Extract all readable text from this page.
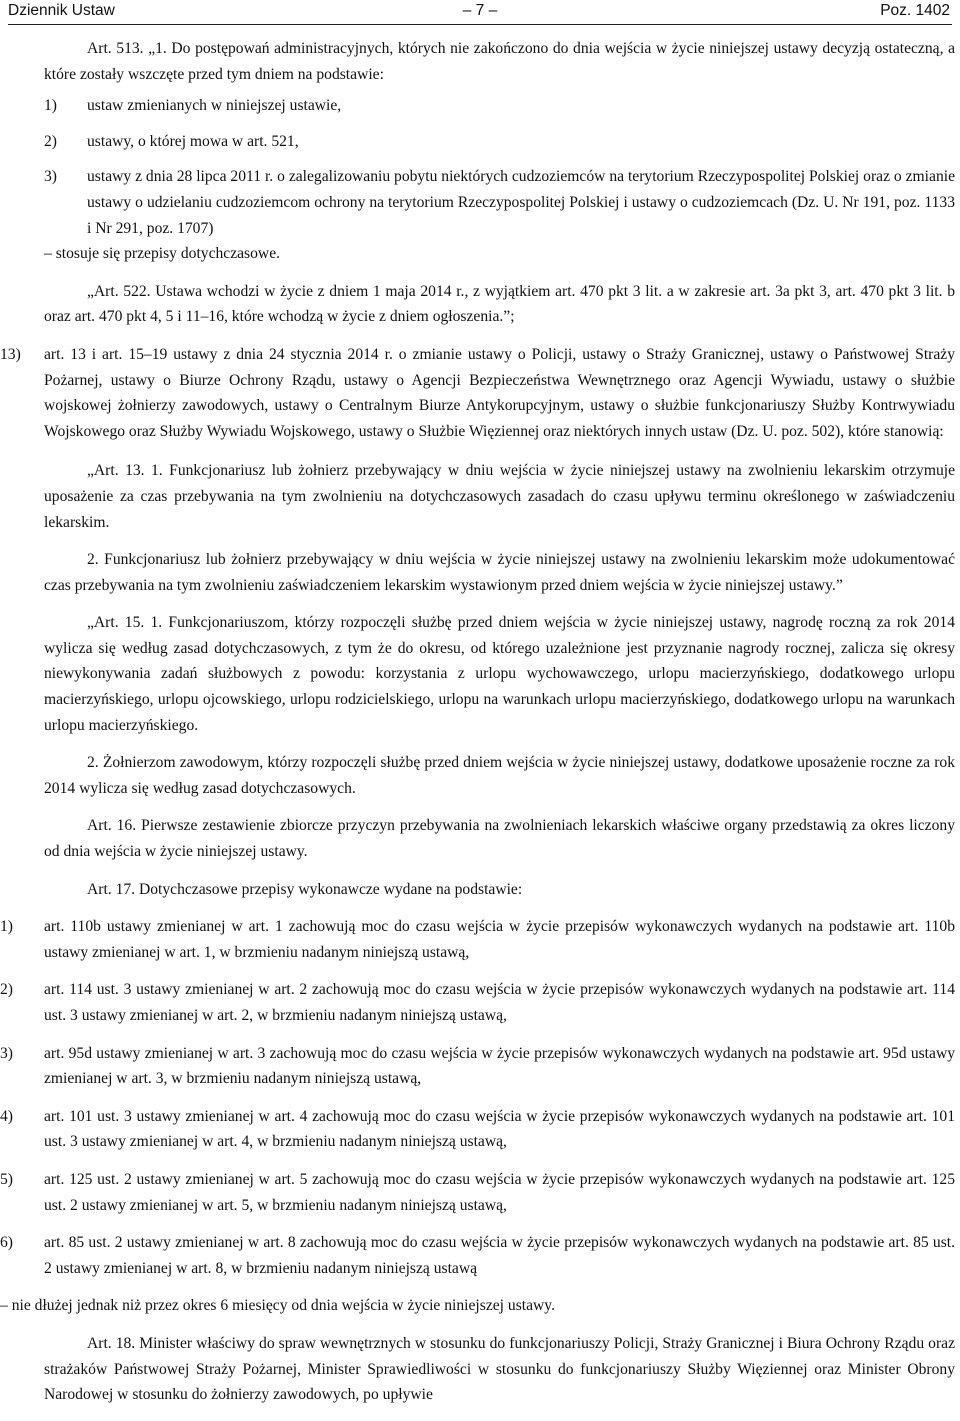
Dziennik Ustaw	– 7 –	Poz. 1402

Art. 513. „1. Do postępowań administracyjnych, których nie zakończono do dnia wejścia w życie niniejszej ustawy decyzją ostateczną, a które zostały wszczęte przed tym dniem na podstawie:

1) ustaw zmienianych w niniejszej ustawie,

2) ustawy, o której mowa w art. 521,

3) ustawy z dnia 28 lipca 2011 r. o zalegalizowaniu pobytu niektórych cudzoziemców na terytorium Rzeczypospolitej Polskiej oraz o zmianie ustawy o udzielaniu cudzoziemcom ochrony na terytorium Rzeczypospolitej Polskiej i ustawy o cudzoziemcach (Dz. U. Nr 191, poz. 1133 i Nr 291, poz. 1707)

– stosuje się przepisy dotychczasowe.

„Art. 522. Ustawa wchodzi w życie z dniem 1 maja 2014 r., z wyjątkiem art. 470 pkt 3 lit. a w zakresie art. 3a pkt 3, art. 470 pkt 3 lit. b oraz art. 470 pkt 4, 5 i 11–16, które wchodzą w życie z dniem ogłoszenia.”;

13) art. 13 i art. 15–19 ustawy z dnia 24 stycznia 2014 r. o zmianie ustawy o Policji, ustawy o Straży Granicznej, ustawy o Państwowej Straży Pożarnej, ustawy o Biurze Ochrony Rządu, ustawy o Agencji Bezpieczeństwa Wewnętrznego oraz Agencji Wywiadu, ustawy o służbie wojskowej żołnierzy zawodowych, ustawy o Centralnym Biurze Antykorupcyjnym, ustawy o służbie funkcjonariuszy Służby Kontrwywiadu Wojskowego oraz Służby Wywiadu Wojskowego, ustawy o Służbie Więziennej oraz niektórych innych ustaw (Dz. U. poz. 502), które stanowią:

„Art. 13. 1. Funkcjonariusz lub żołnierz przebywający w dniu wejścia w życie niniejszej ustawy na zwolnieniu lekarskim otrzymuje uposażenie za czas przebywania na tym zwolnieniu na dotychczasowych zasadach do czasu upływu terminu określonego w zaświadczeniu lekarskim.

2. Funkcjonariusz lub żołnierz przebywający w dniu wejścia w życie niniejszej ustawy na zwolnieniu lekarskim może udokumentować czas przebywania na tym zwolnieniu zaświadczeniem lekarskim wystawionym przed dniem wejścia w życie niniejszej ustawy.”

„Art. 15. 1. Funkcjonariuszom, którzy rozpoczęli służbę przed dniem wejścia w życie niniejszej ustawy, nagrodę roczną za rok 2014 wylicza się według zasad dotychczasowych, z tym że do okresu, od którego uzależnione jest przyznanie nagrody rocznej, zalicza się okresy niewykonywania zadań służbowych z powodu: korzystania z urlopu wychowawczego, urlopu macierzyńskiego, dodatkowego urlopu macierzyńskiego, urlopu ojcowskiego, urlopu rodzicielskiego, urlopu na warunkach urlopu macierzyńskiego, dodatkowego urlopu na warunkach urlopu macierzyńskiego.

2. Żołnierzom zawodowym, którzy rozpoczęli służbę przed dniem wejścia w życie niniejszej ustawy, dodatkowe uposażenie roczne za rok 2014 wylicza się według zasad dotychczasowych.

Art. 16. Pierwsze zestawienie zbiorcze przyczyn przebywania na zwolnieniach lekarskich właściwe organy przedstawią za okres liczony od dnia wejścia w życie niniejszej ustawy.

Art. 17. Dotychczasowe przepisy wykonawcze wydane na podstawie:

1) art. 110b ustawy zmienianej w art. 1 zachowują moc do czasu wejścia w życie przepisów wykonawczych wydanych na podstawie art. 110b ustawy zmienianej w art. 1, w brzmieniu nadanym niniejszą ustawą,

2) art. 114 ust. 3 ustawy zmienianej w art. 2 zachowują moc do czasu wejścia w życie przepisów wykonawczych wydanych na podstawie art. 114 ust. 3 ustawy zmienianej w art. 2, w brzmieniu nadanym niniejszą ustawą,

3) art. 95d ustawy zmienianej w art. 3 zachowują moc do czasu wejścia w życie przepisów wykonawczych wydanych na podstawie art. 95d ustawy zmienianej w art. 3, w brzmieniu nadanym niniejszą ustawą,

4) art. 101 ust. 3 ustawy zmienianej w art. 4 zachowują moc do czasu wejścia w życie przepisów wykonawczych wydanych na podstawie art. 101 ust. 3 ustawy zmienianej w art. 4, w brzmieniu nadanym niniejszą ustawą,

5) art. 125 ust. 2 ustawy zmienianej w art. 5 zachowują moc do czasu wejścia w życie przepisów wykonawczych wydanych na podstawie art. 125 ust. 2 ustawy zmienianej w art. 5, w brzmieniu nadanym niniejszą ustawą,

6) art. 85 ust. 2 ustawy zmienianej w art. 8 zachowują moc do czasu wejścia w życie przepisów wykonawczych wydanych na podstawie art. 85 ust. 2 ustawy zmienianej w art. 8, w brzmieniu nadanym niniejszą ustawą

– nie dłużej jednak niż przez okres 6 miesięcy od dnia wejścia w życie niniejszej ustawy.

Art. 18. Minister właściwy do spraw wewnętrznych w stosunku do funkcjonariuszy Policji, Straży Granicznej i Biura Ochrony Rządu oraz strażaków Państwowej Straży Pożarnej, Minister Sprawiedliwości w stosunku do funkcjonariuszy Służby Więziennej oraz Minister Obrony Narodowej w stosunku do żołnierzy zawodowych, po upływie
